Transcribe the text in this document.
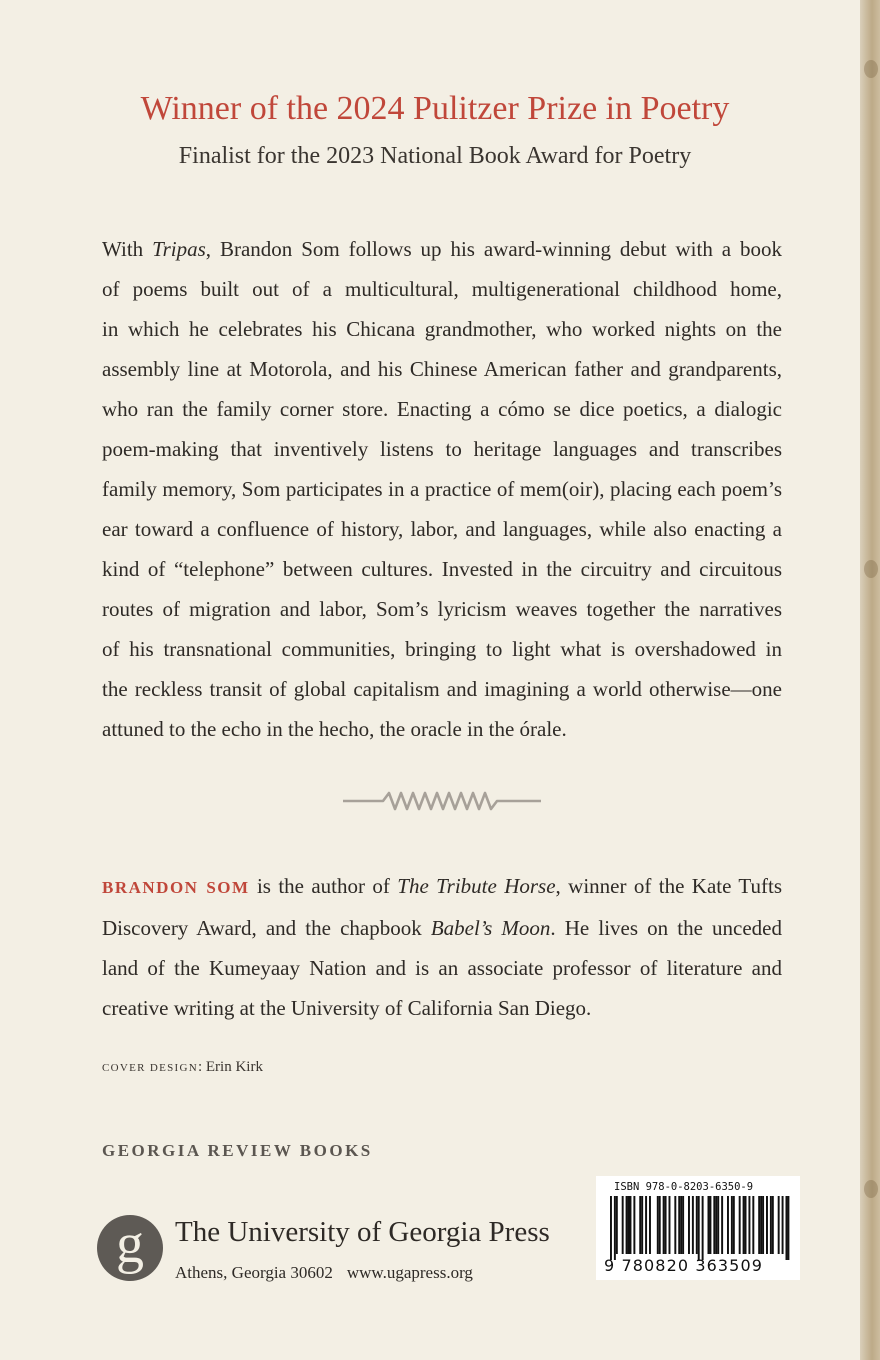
Winner of the 2024 Pulitzer Prize in Poetry
Finalist for the 2023 National Book Award for Poetry
With Tripas, Brandon Som follows up his award-winning debut with a book
of poems built out of a multicultural, multigenerational childhood home,
in which he celebrates his Chicana grandmother, who worked nights on the
assembly line at Motorola, and his Chinese American father and grandparents,
who ran the family corner store. Enacting a cómo se dice poetics, a dialogic
poem-making that inventively listens to heritage languages and transcribes
family memory, Som participates in a practice of mem(oir), placing each poem’s
ear toward a confluence of history, labor, and languages, while also enacting a
kind of “telephone” between cultures. Invested in the circuitry and circuitous
routes of migration and labor, Som’s lyricism weaves together the narratives
of his transnational communities, bringing to light what is overshadowed in
the reckless transit of global capitalism and imagining a world otherwise—one
attuned to the echo in the hecho, the oracle in the órale.
BRANDON SOM is the author of The Tribute Horse, winner of the Kate Tufts
Discovery Award, and the chapbook Babel’s Moon. He lives on the unceded
land of the Kumeyaay Nation and is an associate professor of literature and
creative writing at the University of California San Diego.
COVER DESIGN: Erin Kirk
GEORGIA REVIEW BOOKS
g	The University of Georgia Press
Athens, Georgia 30602 www.ugapress.org
ISBN 978-0-8203-6350-9
9 780820 363509
